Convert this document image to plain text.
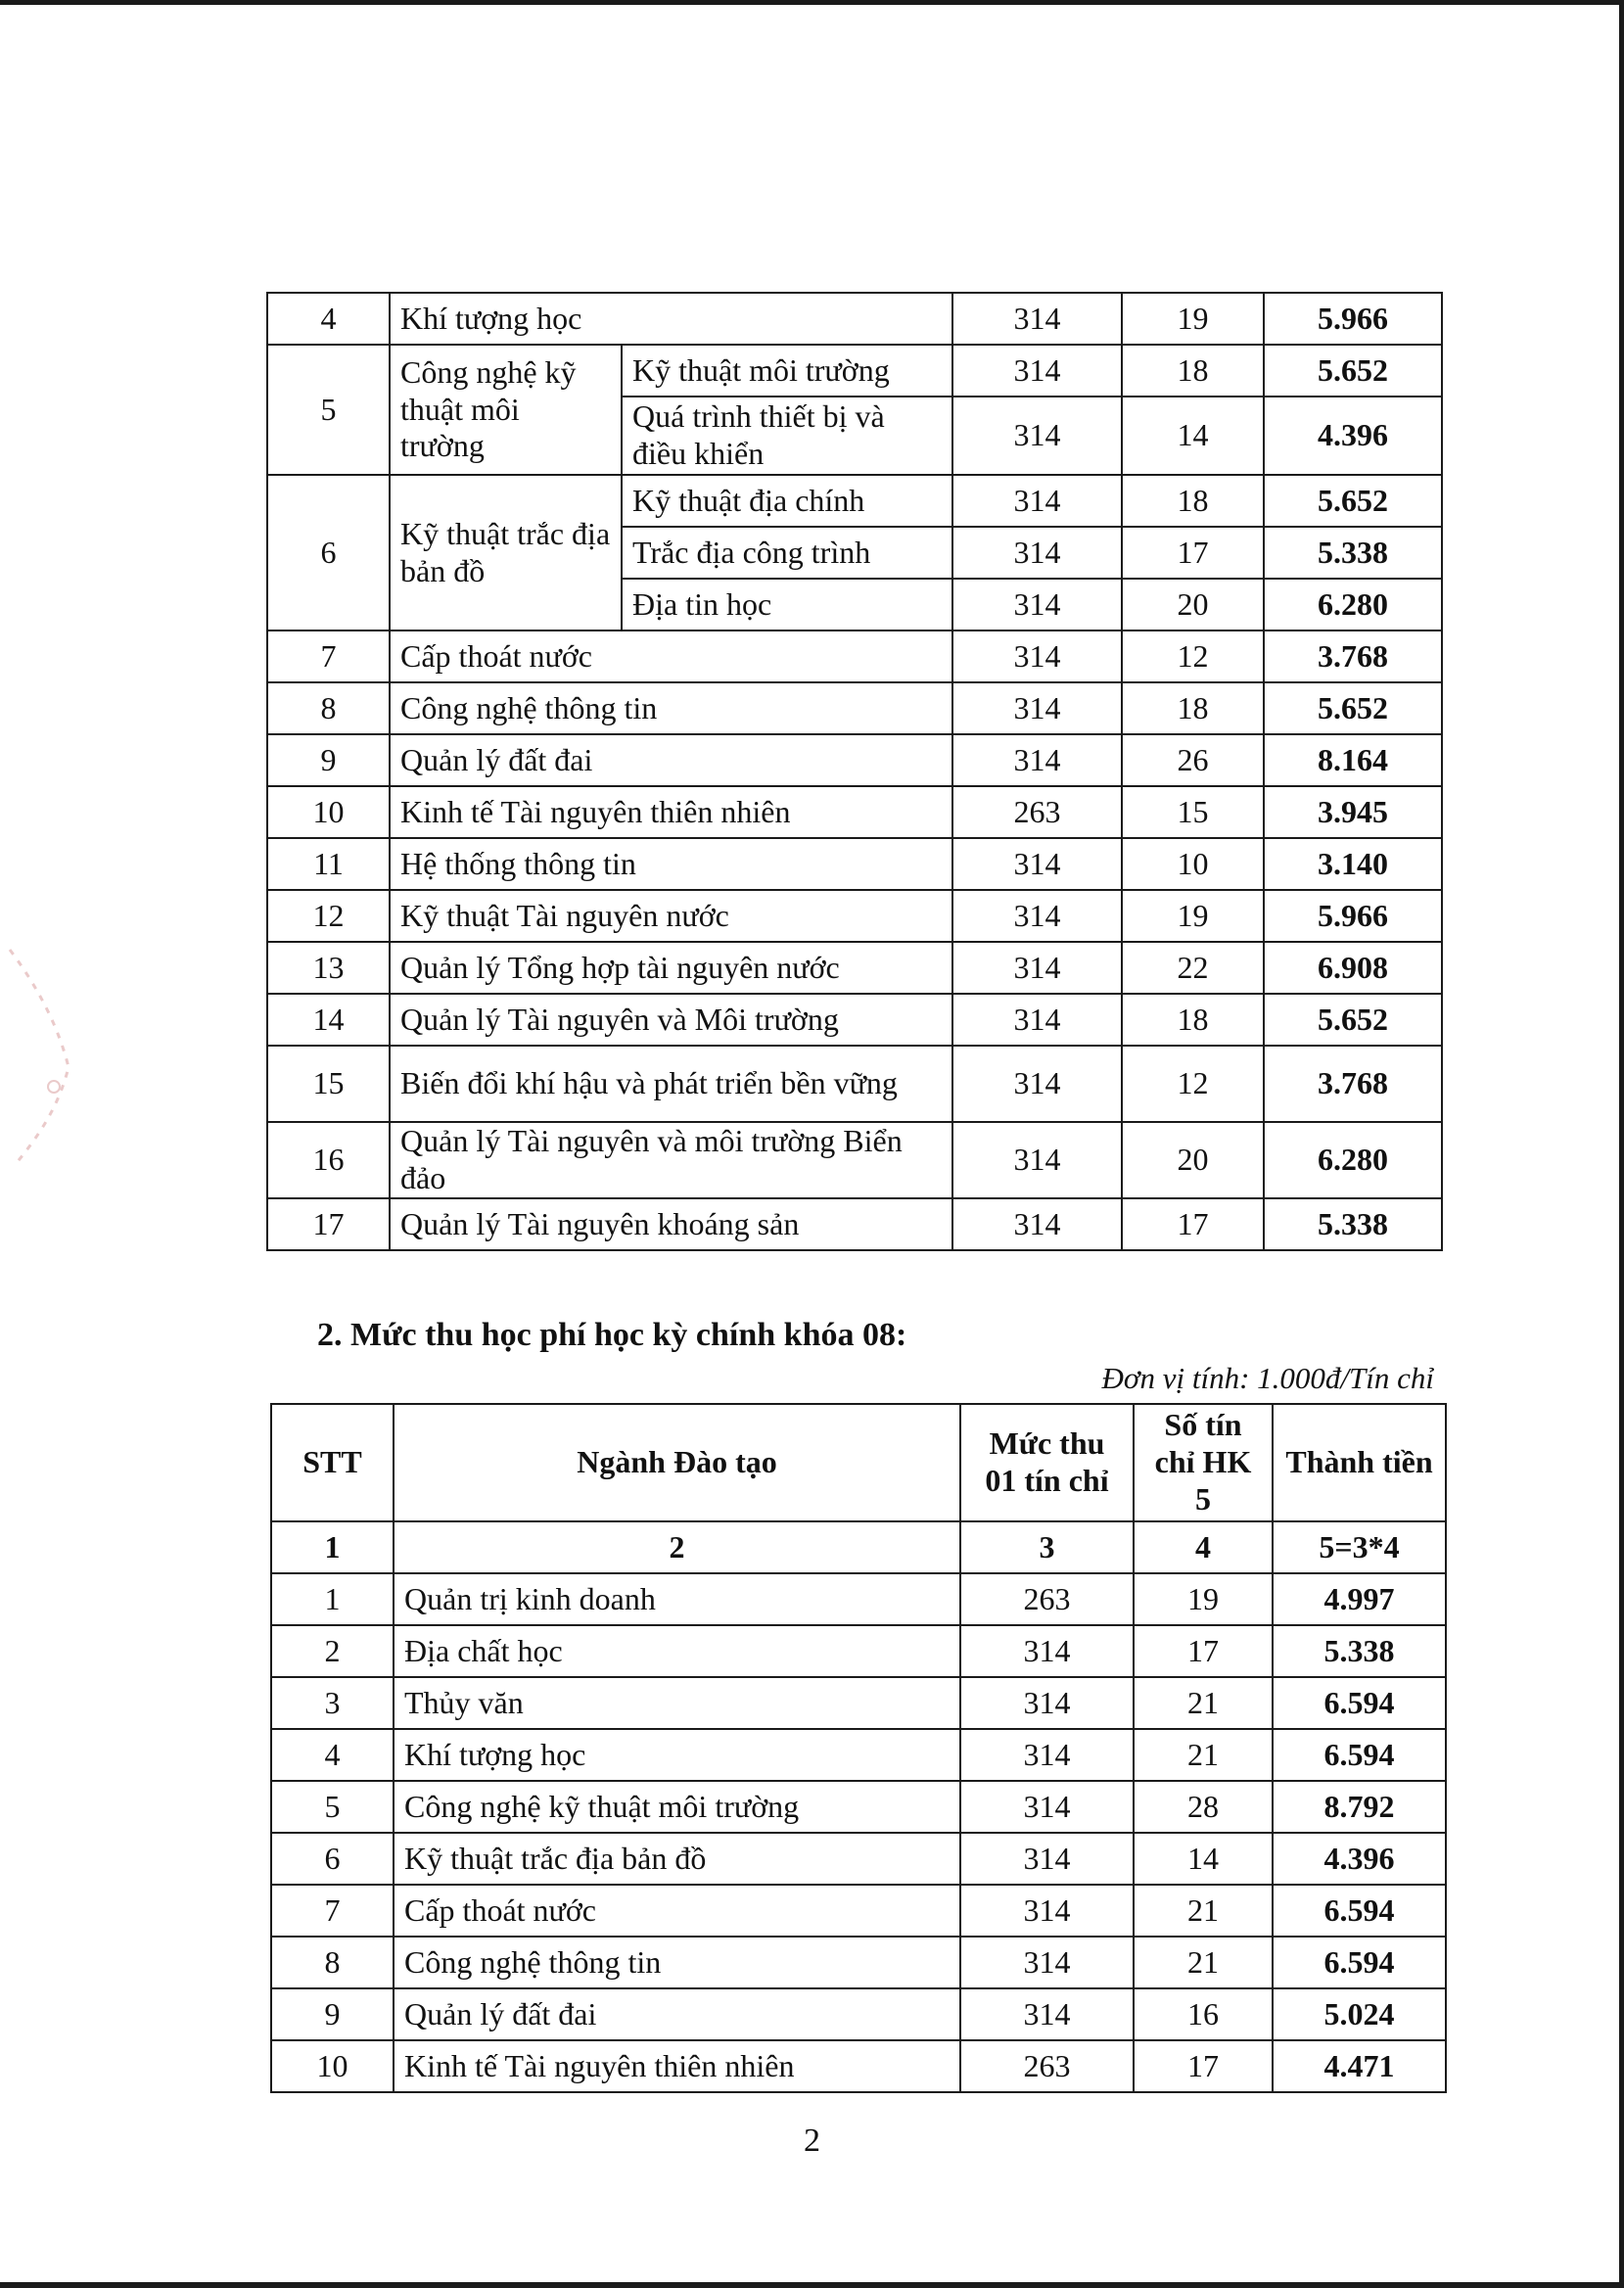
4	Khí tượng học		314	19	5.966
5	Công nghệ kỹ thuật môi trường	Kỹ thuật môi trường	314	18	5.652
		Quá trình thiết bị và điều khiển	314	14	4.396
6	Kỹ thuật trắc địa bản đồ	Kỹ thuật địa chính	314	18	5.652
		Trắc địa công trình	314	17	5.338
		Địa tin học	314	20	6.280
7	Cấp thoát nước		314	12	3.768
8	Công nghệ thông tin		314	18	5.652
9	Quản lý đất đai		314	26	8.164
10	Kinh tế Tài nguyên thiên nhiên		263	15	3.945
11	Hệ thống thông tin		314	10	3.140
12	Kỹ thuật Tài nguyên nước		314	19	5.966
13	Quản lý Tổng hợp tài nguyên nước		314	22	6.908
14	Quản lý Tài nguyên và Môi trường		314	18	5.652
15	Biến đổi khí hậu và phát triển bền vững		314	12	3.768
16	Quản lý Tài nguyên và môi trường Biển đảo		314	20	6.280
17	Quản lý Tài nguyên khoáng sản		314	17	5.338
2. Mức thu học phí học kỳ chính khóa 08:
Đơn vị tính: 1.000đ/Tín chỉ
STT	Ngành Đào tạo	Mức thu 01 tín chỉ	Số tín chỉ HK 5	Thành tiền
1	2	3	4	5=3*4
1	Quản trị kinh doanh	263	19	4.997
2	Địa chất học	314	17	5.338
3	Thủy văn	314	21	6.594
4	Khí tượng học	314	21	6.594
5	Công nghệ kỹ thuật môi trường	314	28	8.792
6	Kỹ thuật trắc địa bản đồ	314	14	4.396
7	Cấp thoát nước	314	21	6.594
8	Công nghệ thông tin	314	21	6.594
9	Quản lý đất đai	314	16	5.024
10	Kinh tế Tài nguyên thiên nhiên	263	17	4.471
2
